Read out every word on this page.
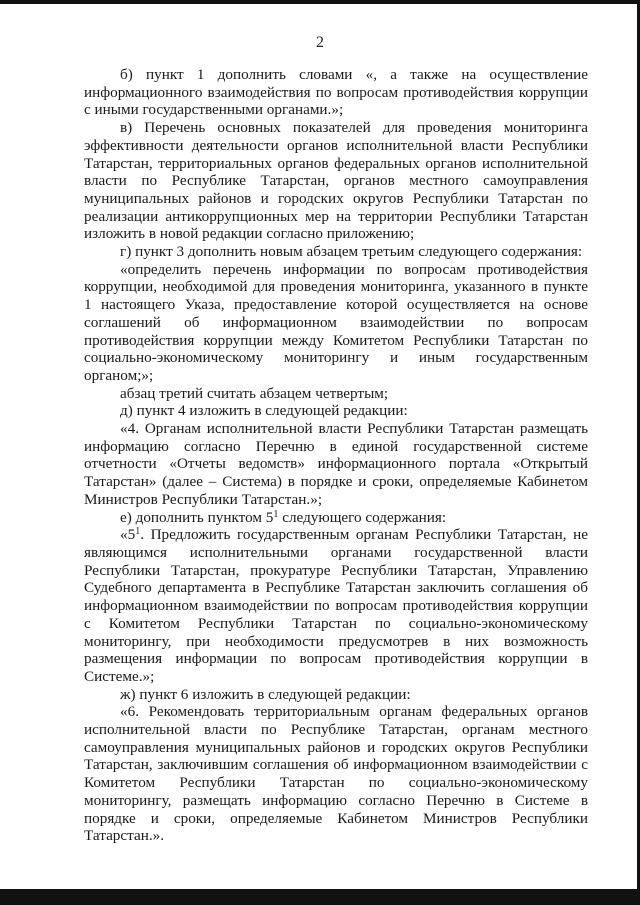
2

б) пункт 1 дополнить словами «, а также на осуществление информационного взаимодействия по вопросам противодействия коррупции с иными государственными органами.»;

в) Перечень основных показателей для проведения мониторинга эффективности деятельности органов исполнительной власти Республики Татарстан, территориальных органов федеральных органов исполнительной власти по Республике Татарстан, органов местного самоуправления муниципальных районов и городских округов Республики Татарстан по реализации антикоррупционных мер на территории Республики Татарстан изложить в новой редакции согласно приложению;

г) пункт 3 дополнить новым абзацем третьим следующего содержания:

«определить перечень информации по вопросам противодействия коррупции, необходимой для проведения мониторинга, указанного в пункте 1 настоящего Указа, предоставление которой осуществляется на основе соглашений об информационном взаимодействии по вопросам противодействия коррупции между Комитетом Республики Татарстан по социально-экономическому мониторингу и иным государственным органом;»;

абзац третий считать абзацем четвертым;

д) пункт 4 изложить в следующей редакции:

«4. Органам исполнительной власти Республики Татарстан размещать информацию согласно Перечню в единой государственной системе отчетности «Отчеты ведомств» информационного портала «Открытый Татарстан» (далее – Система) в порядке и сроки, определяемые Кабинетом Министров Республики Татарстан.»;

е) дополнить пунктом $5^1$ следующего содержания:

«$5^1$. Предложить государственным органам Республики Татарстан, не являющимся исполнительными органами государственной власти Республики Татарстан, прокуратуре Республики Татарстан, Управлению Судебного департамента в Республике Татарстан заключить соглашения об информационном взаимодействии по вопросам противодействия коррупции с Комитетом Республики Татарстан по социально-экономическому мониторингу, при необходимости предусмотрев в них возможность размещения информации по вопросам противодействия коррупции в Системе.»;

ж) пункт 6 изложить в следующей редакции:

«6. Рекомендовать территориальным органам федеральных органов исполнительной власти по Республике Татарстан, органам местного самоуправления муниципальных районов и городских округов Республики Татарстан, заключившим соглашения об информационном взаимодействии с Комитетом Республики Татарстан по социально-экономическому мониторингу, размещать информацию согласно Перечню в Системе в порядке и сроки, определяемые Кабинетом Министров Республики Татарстан.».
